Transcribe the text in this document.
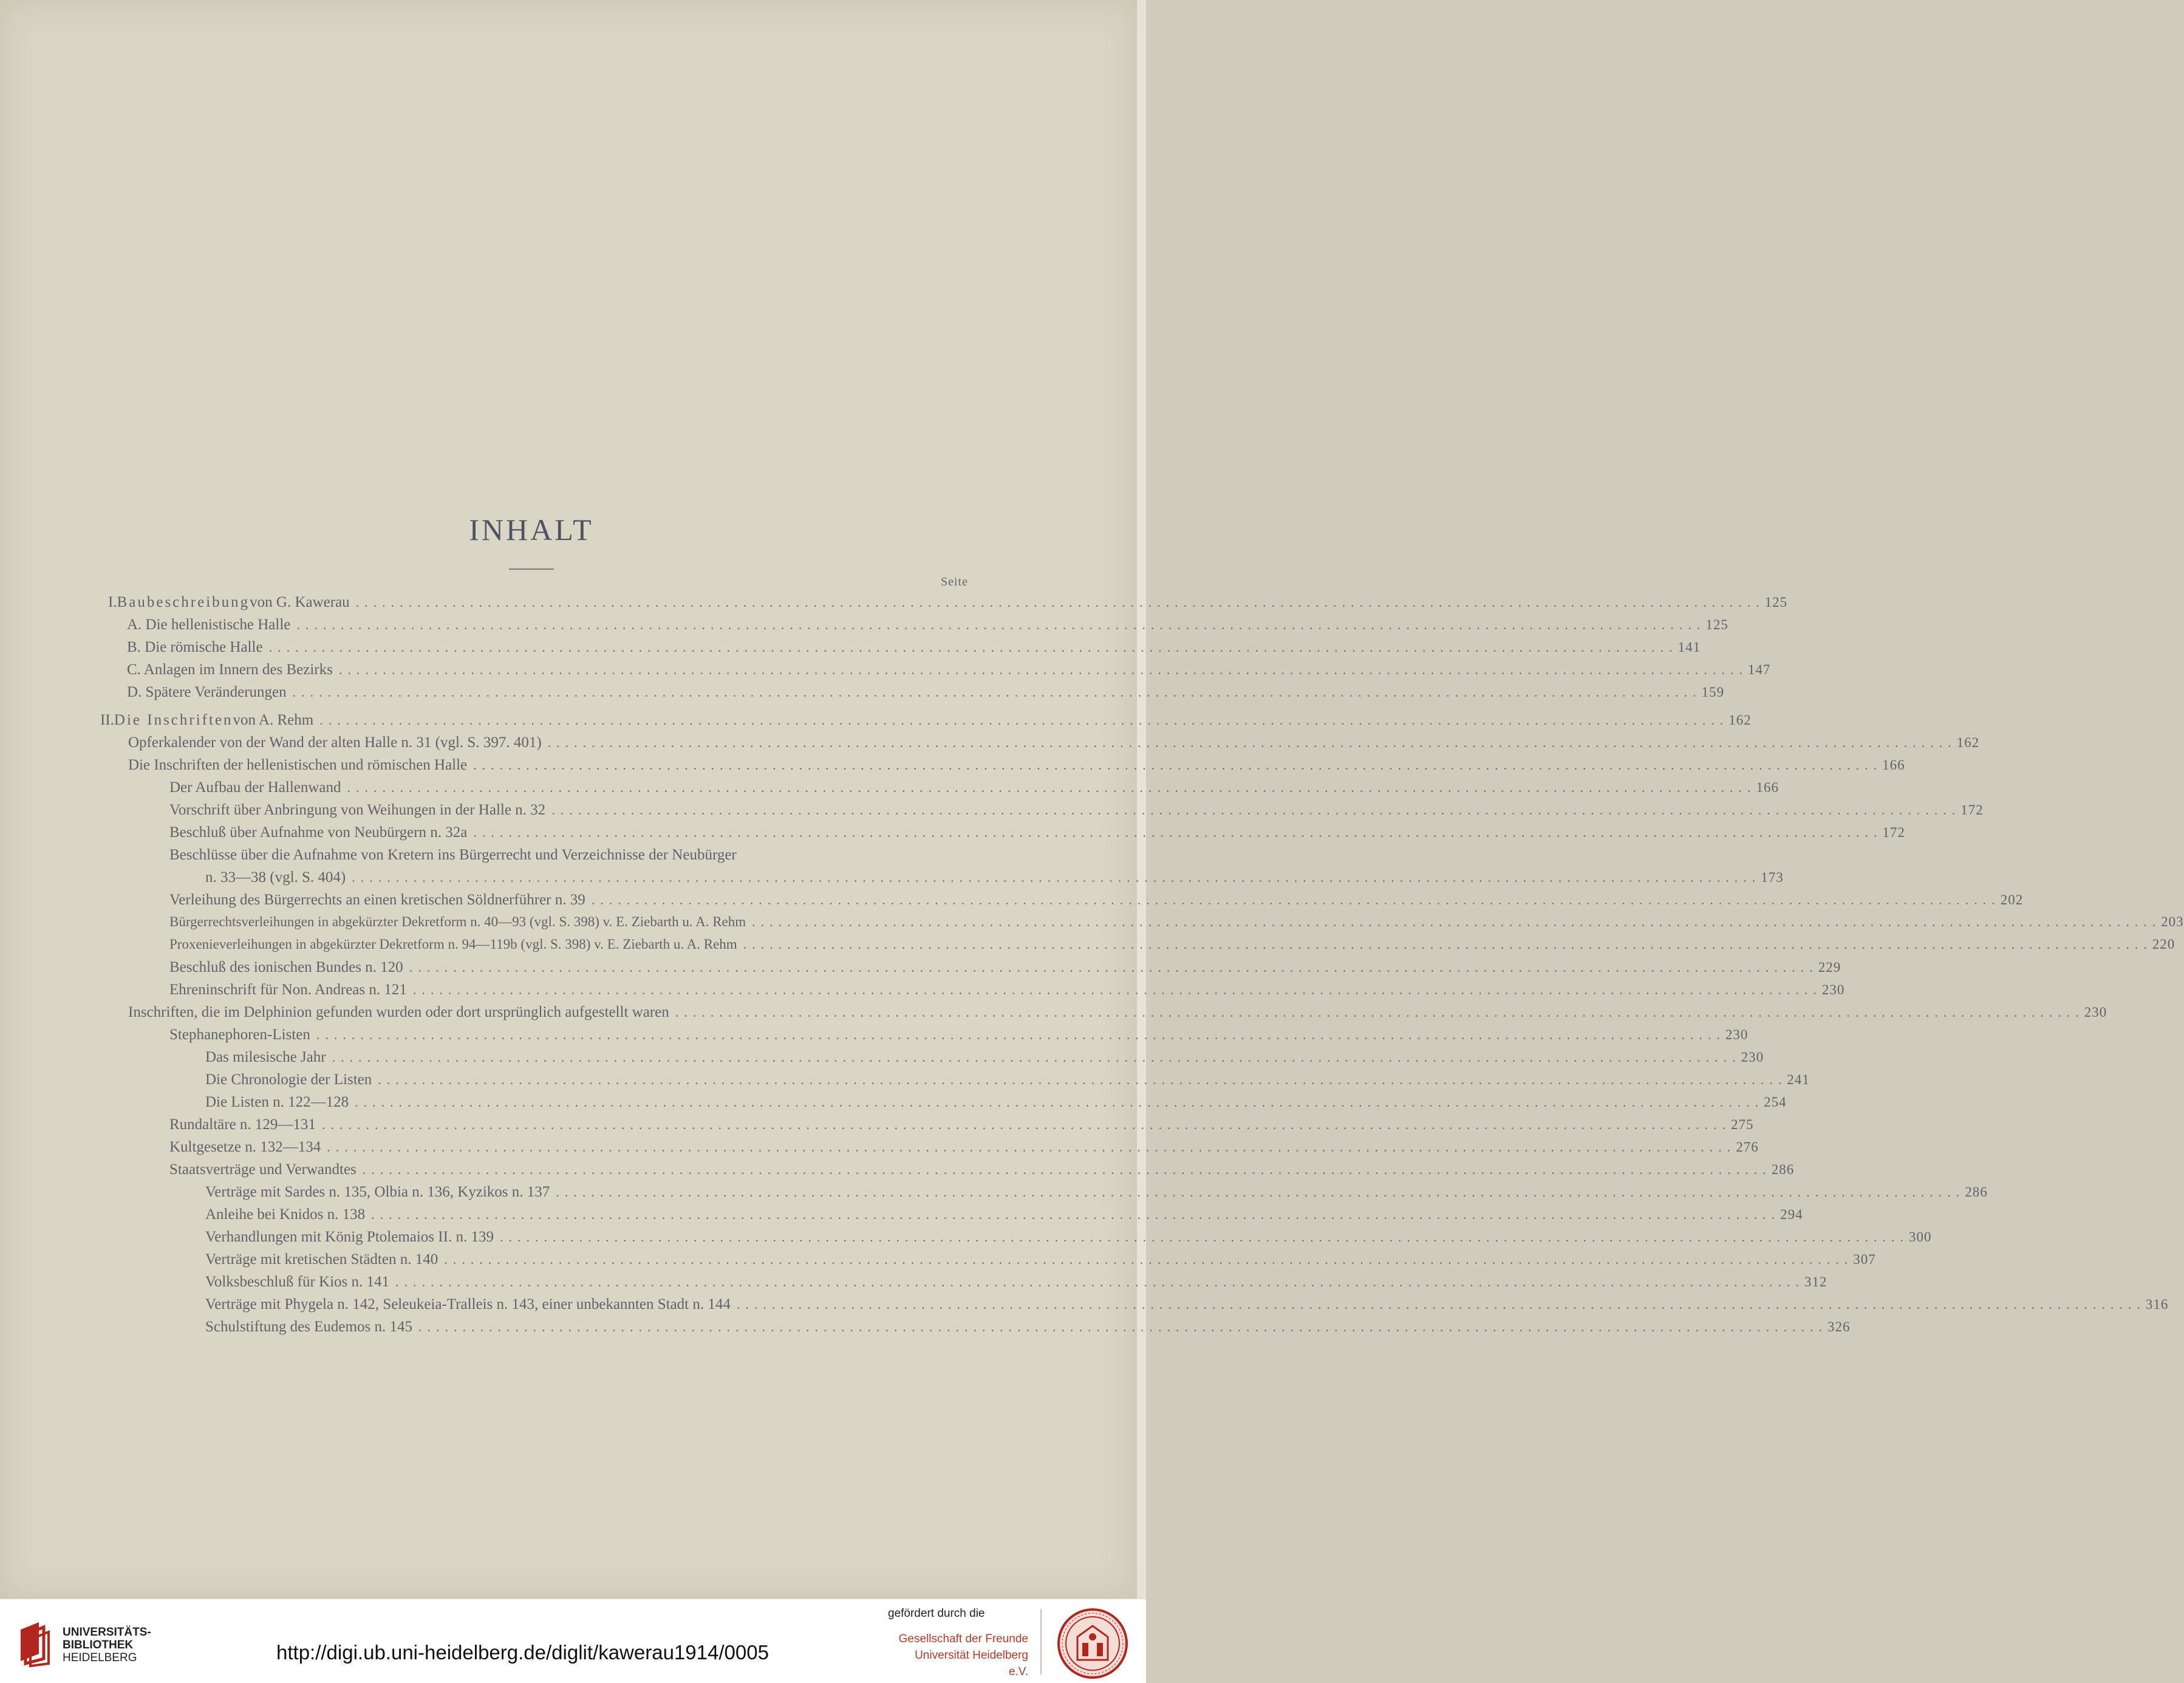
INHALT
Seite
I. Baubeschreibung von G. Kawerau ................................................................................................................................................................ 125
A. Die hellenistische Halle ................................................................................................................................................................ 125
B. Die römische Halle ................................................................................................................................................................ 141
C. Anlagen im Innern des Bezirks ................................................................................................................................................................ 147
D. Spätere Veränderungen ................................................................................................................................................................ 159
II. Die Inschriften von A. Rehm ................................................................................................................................................................ 162
Opferkalender von der Wand der alten Halle n. 31 (vgl. S. 397. 401) ................................................................................................................................................................ 162
Die Inschriften der hellenistischen und römischen Halle ................................................................................................................................................................ 166
Der Aufbau der Hallenwand ................................................................................................................................................................ 166
Vorschrift über Anbringung von Weihungen in der Halle n. 32 ................................................................................................................................................................ 172
Beschluß über Aufnahme von Neubürgern n. 32a ................................................................................................................................................................ 172
Beschlüsse über die Aufnahme von Kretern ins Bürgerrecht und Verzeichnisse der Neubürger
n. 33—38 (vgl. S. 404) ................................................................................................................................................................ 173
Verleihung des Bürgerrechts an einen kretischen Söldnerführer n. 39 ................................................................................................................................................................ 202
Bürgerrechtsverleihungen in abgekürzter Dekretform n. 40—93 (vgl. S. 398) v. E. Ziebarth u. A. Rehm ................................................................................................................................................................ 203
Proxenieverleihungen in abgekürzter Dekretform n. 94—119b (vgl. S. 398) v. E. Ziebarth u. A. Rehm ................................................................................................................................................................ 220
Beschluß des ionischen Bundes n. 120 ................................................................................................................................................................ 229
Ehreninschrift für Non. Andreas n. 121 ................................................................................................................................................................ 230
Inschriften, die im Delphinion gefunden wurden oder dort ursprünglich aufgestellt waren ................................................................................................................................................................ 230
Stephanephoren-Listen ................................................................................................................................................................ 230
Das milesische Jahr ................................................................................................................................................................ 230
Die Chronologie der Listen ................................................................................................................................................................ 241
Die Listen n. 122—128 ................................................................................................................................................................ 254
Rundaltäre n. 129—131 ................................................................................................................................................................ 275
Kultgesetze n. 132—134 ................................................................................................................................................................ 276
Staatsverträge und Verwandtes ................................................................................................................................................................ 286
Verträge mit Sardes n. 135, Olbia n. 136, Kyzikos n. 137 ................................................................................................................................................................ 286
Anleihe bei Knidos n. 138 ................................................................................................................................................................ 294
Verhandlungen mit König Ptolemaios II. n. 139 ................................................................................................................................................................ 300
Verträge mit kretischen Städten n. 140 ................................................................................................................................................................ 307
Volksbeschluß für Kios n. 141 ................................................................................................................................................................ 312
Verträge mit Phygela n. 142, Seleukeia-Tralleis n. 143, einer unbekannten Stadt n. 144 ................................................................................................................................................................ 316
Schulstiftung des Eudemos n. 145 ................................................................................................................................................................ 326
UNIVERSITÄTS-
BIBLIOTHEK
HEIDELBERG	http://digi.ub.uni-heidelberg.de/diglit/kawerau1914/0005
gefördert durch die
Gesellschaft der Freunde
Universität Heidelberg e.V.
